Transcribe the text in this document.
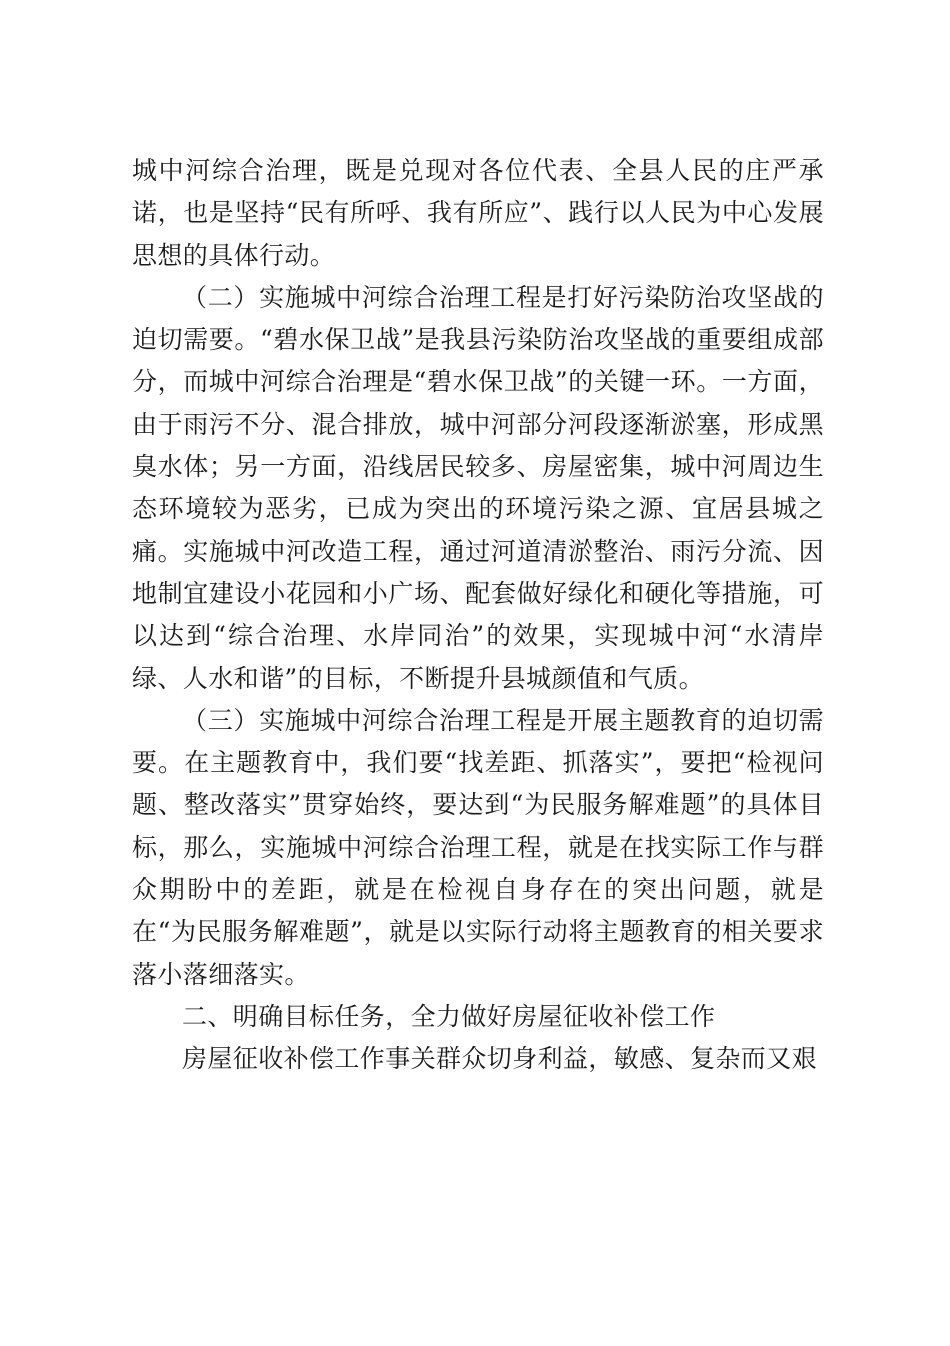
城中河综合治理，既是兑现对各位代表、全县人民的庄严承诺，也是坚持“民有所呼、我有所应”、践行以人民为中心发展思想的具体行动。

（二）实施城中河综合治理工程是打好污染防治攻坚战的迫切需要。“碧水保卫战”是我县污染防治攻坚战的重要组成部分，而城中河综合治理是“碧水保卫战”的关键一环。一方面，由于雨污不分、混合排放，城中河部分河段逐渐淤塞，形成黑臭水体；另一方面，沿线居民较多、房屋密集，城中河周边生态环境较为恶劣，已成为突出的环境污染之源、宜居县城之痛。实施城中河改造工程，通过河道清淤整治、雨污分流、因地制宜建设小花园和小广场、配套做好绿化和硬化等措施，可以达到“综合治理、水岸同治”的效果，实现城中河“水清岸绿、人水和谐”的目标，不断提升县城颜值和气质。

（三）实施城中河综合治理工程是开展主题教育的迫切需要。在主题教育中，我们要“找差距、抓落实”，要把“检视问题、整改落实”贯穿始终，要达到“为民服务解难题”的具体目标，那么，实施城中河综合治理工程，就是在找实际工作与群众期盼中的差距，就是在检视自身存在的突出问题，就是在“为民服务解难题”，就是以实际行动将主题教育的相关要求落小落细落实。

二、明确目标任务，全力做好房屋征收补偿工作

房屋征收补偿工作事关群众切身利益，敏感、复杂而又艰
